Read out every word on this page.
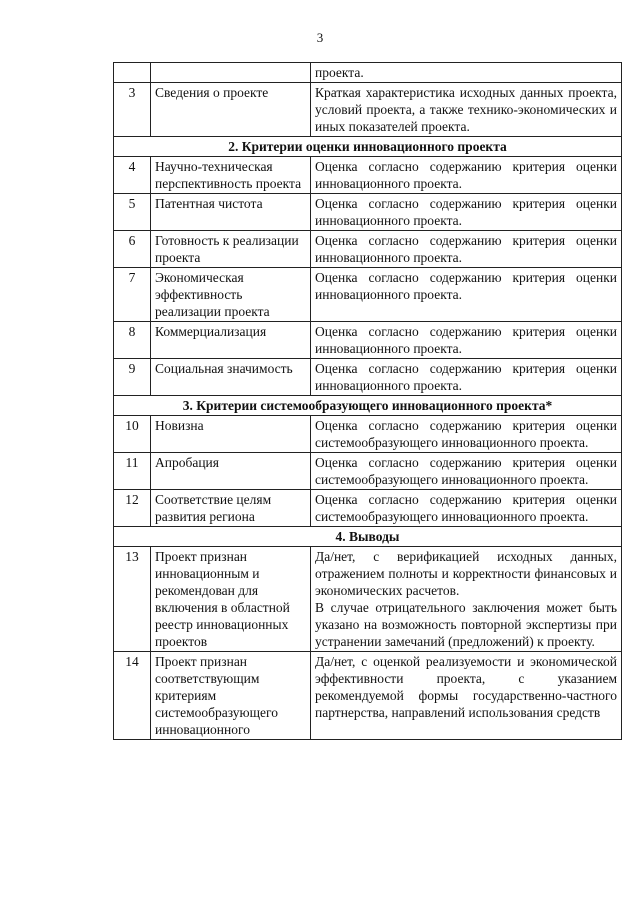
3
		проекта.
3	Сведения о проекте	Краткая характеристика исходных данных проекта, условий проекта, а также технико-экономических и иных показателей проекта.
2. Критерии оценки инновационного проекта		
4	Научно-техническая перспективность проекта	Оценка согласно содержанию критерия оценки инновационного проекта.
5	Патентная чистота	Оценка согласно содержанию критерия оценки инновационного проекта.
6	Готовность к реализации проекта	Оценка согласно содержанию критерия оценки инновационного проекта.
7	Экономическая эффективность реализации проекта	Оценка согласно содержанию критерия оценки инновационного проекта.
8	Коммерциализация	Оценка согласно содержанию критерия оценки инновационного проекта.
9	Социальная значимость	Оценка согласно содержанию критерия оценки инновационного проекта.
3. Критерии системообразующего инновационного проекта*		
10	Новизна	Оценка согласно содержанию критерия оценки системообразующего инновационного проекта.
11	Апробация	Оценка согласно содержанию критерия оценки системообразующего инновационного проекта.
12	Соответствие целям развития региона	Оценка согласно содержанию критерия оценки системообразующего инновационного проекта.
4. Выводы		
13	Проект признан инновационным и рекомендован для включения в областной реестр инновационных проектов	Да/нет, с верификацией исходных данных, отражением полноты и корректности финансовых и экономических расчетов.
В случае отрицательного заключения может быть указано на возможность повторной экспертизы при устранении замечаний (предложений) к проекту.

14	Проект признан соответствующим критериям системообразующего инновационного	Да/нет, с оценкой реализуемости и экономической эффективности проекта, с указанием рекомендуемой формы государственно-частного партнерства, направлений использования средств
